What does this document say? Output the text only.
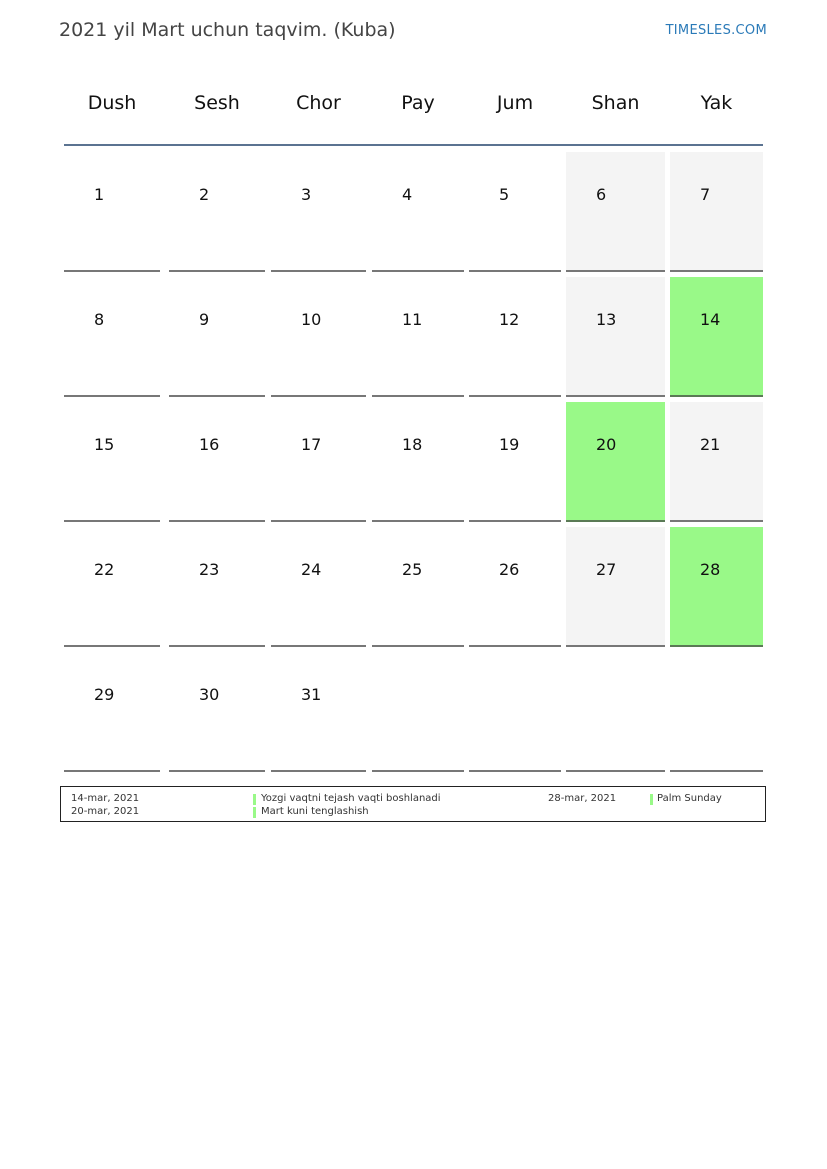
2021 yil Mart uchun taqvim. (Kuba)	TIMESLES.COM
Dush	Sesh	Chor	Pay	Jum	Shan	Yak
1	2	3	4	5	6	7
8	9	10	11	12	13	14
15	16	17	18	19	20	21
22	23	24	25	26	27	28
29	30	31
14-mar, 2021	Yozgi vaqtni tejash vaqti boshlanadi
20-mar, 2021	Mart kuni tenglashish
28-mar, 2021	Palm Sunday
